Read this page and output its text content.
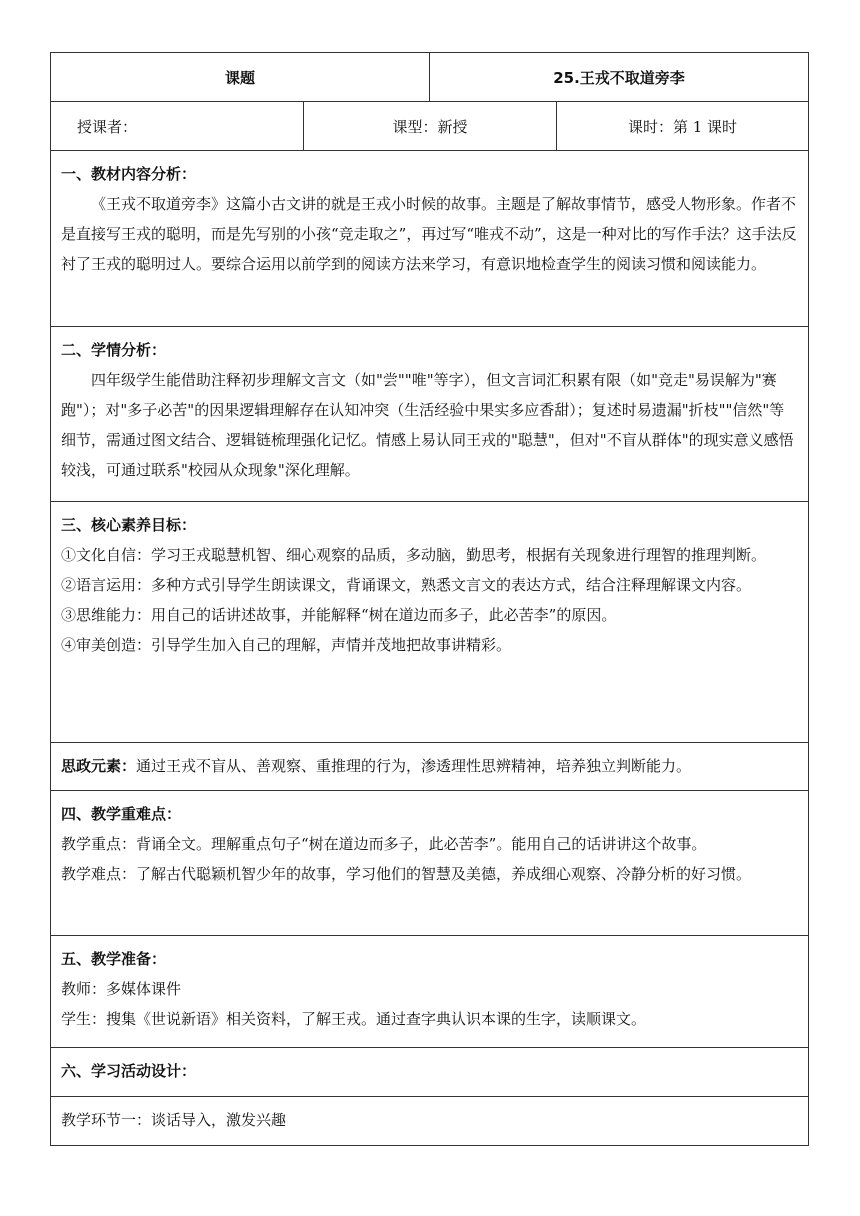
课题	25.王戎不取道旁李
授课者：	课型：新授	课时：第 1 课时

一、教材内容分析：

《王戎不取道旁李》这篇小古文讲的就是王戎小时候的故事。主题是了解故事情节，感受人物形象。作者不是直接写王戎的聪明，而是先写别的小孩“竞走取之”，再过写“唯戎不动”，这是一种对比的写作手法？这手法反衬了王戎的聪明过人。要综合运用以前学到的阅读方法来学习，有意识地检查学生的阅读习惯和阅读能力。

二、学情分析：

四年级学生能借助注释初步理解文言文（如"尝""唯"等字），但文言词汇积累有限（如"竞走"易误解为"赛跑"）；对"多子必苦"的因果逻辑理解存在认知冲突（生活经验中果实多应香甜）；复述时易遗漏"折枝""信然"等细节，需通过图文结合、逻辑链梳理强化记忆。情感上易认同王戎的"聪慧"，但对"不盲从群体"的现实意义感悟较浅，可通过联系"校园从众现象"深化理解。

三、核心素养目标：

①文化自信：学习王戎聪慧机智、细心观察的品质，多动脑，勤思考，根据有关现象进行理智的推理判断。

②语言运用：多种方式引导学生朗读课文，背诵课文，熟悉文言文的表达方式，结合注释理解课文内容。

③思维能力：用自己的话讲述故事，并能解释“树在道边而多子，此必苦李”的原因。

④审美创造：引导学生加入自己的理解，声情并茂地把故事讲精彩。

思政元素：通过王戎不盲从、善观察、重推理的行为，渗透理性思辨精神，培养独立判断能力。

四、教学重难点：

教学重点：背诵全文。理解重点句子“树在道边而多子，此必苦李”。能用自己的话讲讲这个故事。

教学难点：了解古代聪颖机智少年的故事，学习他们的智慧及美德，养成细心观察、冷静分析的好习惯。

五、教学准备：

教师：多媒体课件

学生：搜集《世说新语》相关资料，了解王戎。通过查字典认识本课的生字，读顺课文。

六、学习活动设计：

教学环节一：谈话导入，激发兴趣
